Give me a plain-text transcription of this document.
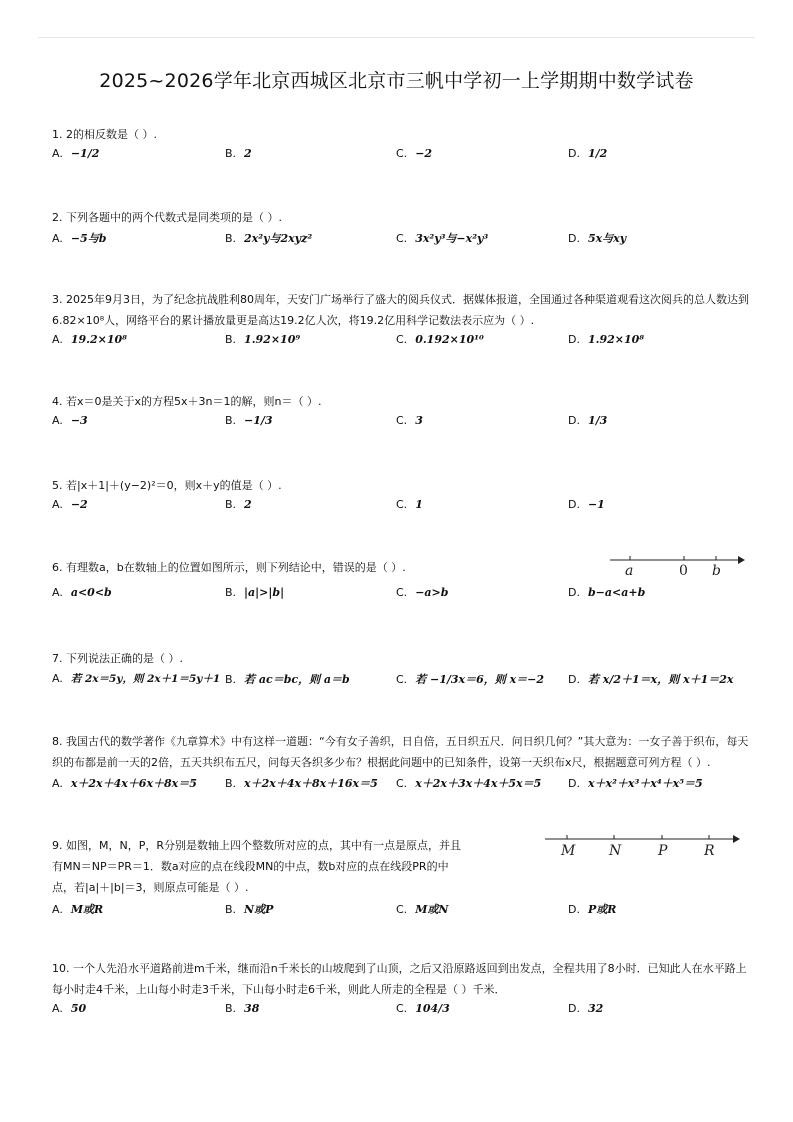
2025~2026学年北京西城区北京市三帆中学初一上学期期中数学试卷
1. 2的相反数是（ ）.
A. −1/2	B. 2	C. −2	D. 1/2
2. 下列各题中的两个代数式是同类项的是（ ）.
A. −5与b	B. 2x²y与2xyz²	C. 3x²y³与−x²y³	D. 5x与xy
3. 2025年9月3日，为了纪念抗战胜利80周年，天安门广场举行了盛大的阅兵仪式．据媒体报道，全国通过各种渠道观看这次阅兵的总人数达到6.82×10⁸人，网络平台的累计播放量更是高达19.2亿人次，将19.2亿用科学记数法表示应为（ ）.
A. 19.2×10⁸	B. 1.92×10⁹	C. 0.192×10¹⁰	D. 1.92×10⁸
4. 若x＝0是关于x的方程5x＋3n＝1的解，则n＝（ ）.
A. −3	B. −1/3	C. 3	D. 1/3
5. 若|x＋1|＋(y−2)²＝0，则x＋y的值是（ ）.
A. −2	B. 2	C. 1	D. −1
6. 有理数a，b在数轴上的位置如图所示，则下列结论中，错误的是（ ）.
A. a<0<b	B. |a|>|b|	C. −a>b	D. b−a<a+b
a	0 b
7. 下列说法正确的是（ ）.
A. 若 2x＝5y，则 2x＋1＝5y＋1 B. 若 ac＝bc，则 a＝b	C. 若 −1/3x＝6，则 x＝−2 D. 若 x/2＋1＝x，则 x＋1＝2x
8. 我国古代的数学著作《九章算术》中有这样一道题：“今有女子善织，日自倍，五日织五尺．问日织几何？”其大意为：一女子善于织布，每天织的布都是前一天的2倍，五天共织布五尺，问每天各织多少布？根据此问题中的已知条件，设第一天织布x尺，根据题意可列方程（ ）.
A. x＋2x＋4x＋6x＋8x＝5	B. x＋2x＋4x＋8x＋16x＝5 C. x＋2x＋3x＋4x＋5x＝5 D. x＋x²＋x³＋x⁴＋x⁵＝5
9. 如图，M，N，P，R分别是数轴上四个整数所对应的点，其中有一点是原点，并且有MN＝NP＝PR＝1．数a对应的点在线段MN的中点，数b对应的点在线段PR的中点，若|a|＋|b|＝3，则原点可能是（ ）.
A. M或R	B. N或P	C. M或N	D. P或R
M N	P	R
10. 一个人先沿水平道路前进m千米，继而沿n千米长的山坡爬到了山顶，之后又沿原路返回到出发点，全程共用了8小时．已知此人在水平路上每小时走4千米，上山每小时走3千米，下山每小时走6千米，则此人所走的全程是（ ）千米．
A. 50	B. 38	C. 104/3	D. 32
